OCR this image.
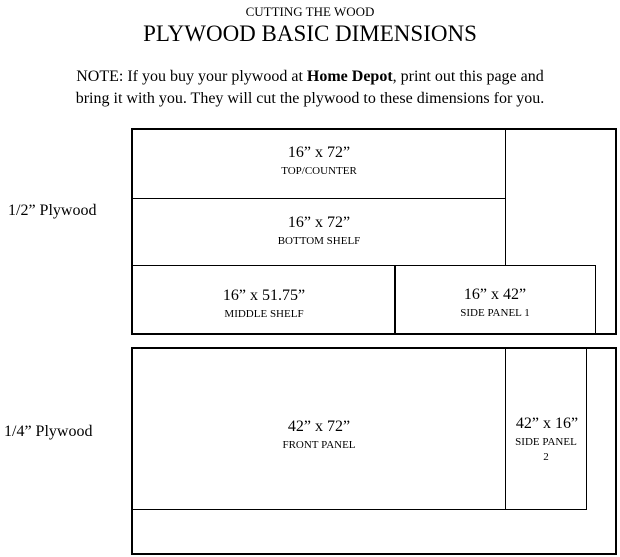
CUTTING THE WOOD
PLYWOOD BASIC DIMENSIONS
NOTE: If you buy your plywood at Home Depot, print out this page and
bring it with you. They will cut the plywood to these dimensions for you.
1/2” Plywood
16” x 72”
TOP/COUNTER
16” x 72”
BOTTOM SHELF
16” x 51.75”
MIDDLE SHELF
16” x 42”
SIDE PANEL 1
1/4” Plywood	42” x 72”
FRONT PANEL
42” x 16”
SIDE PANEL
2
